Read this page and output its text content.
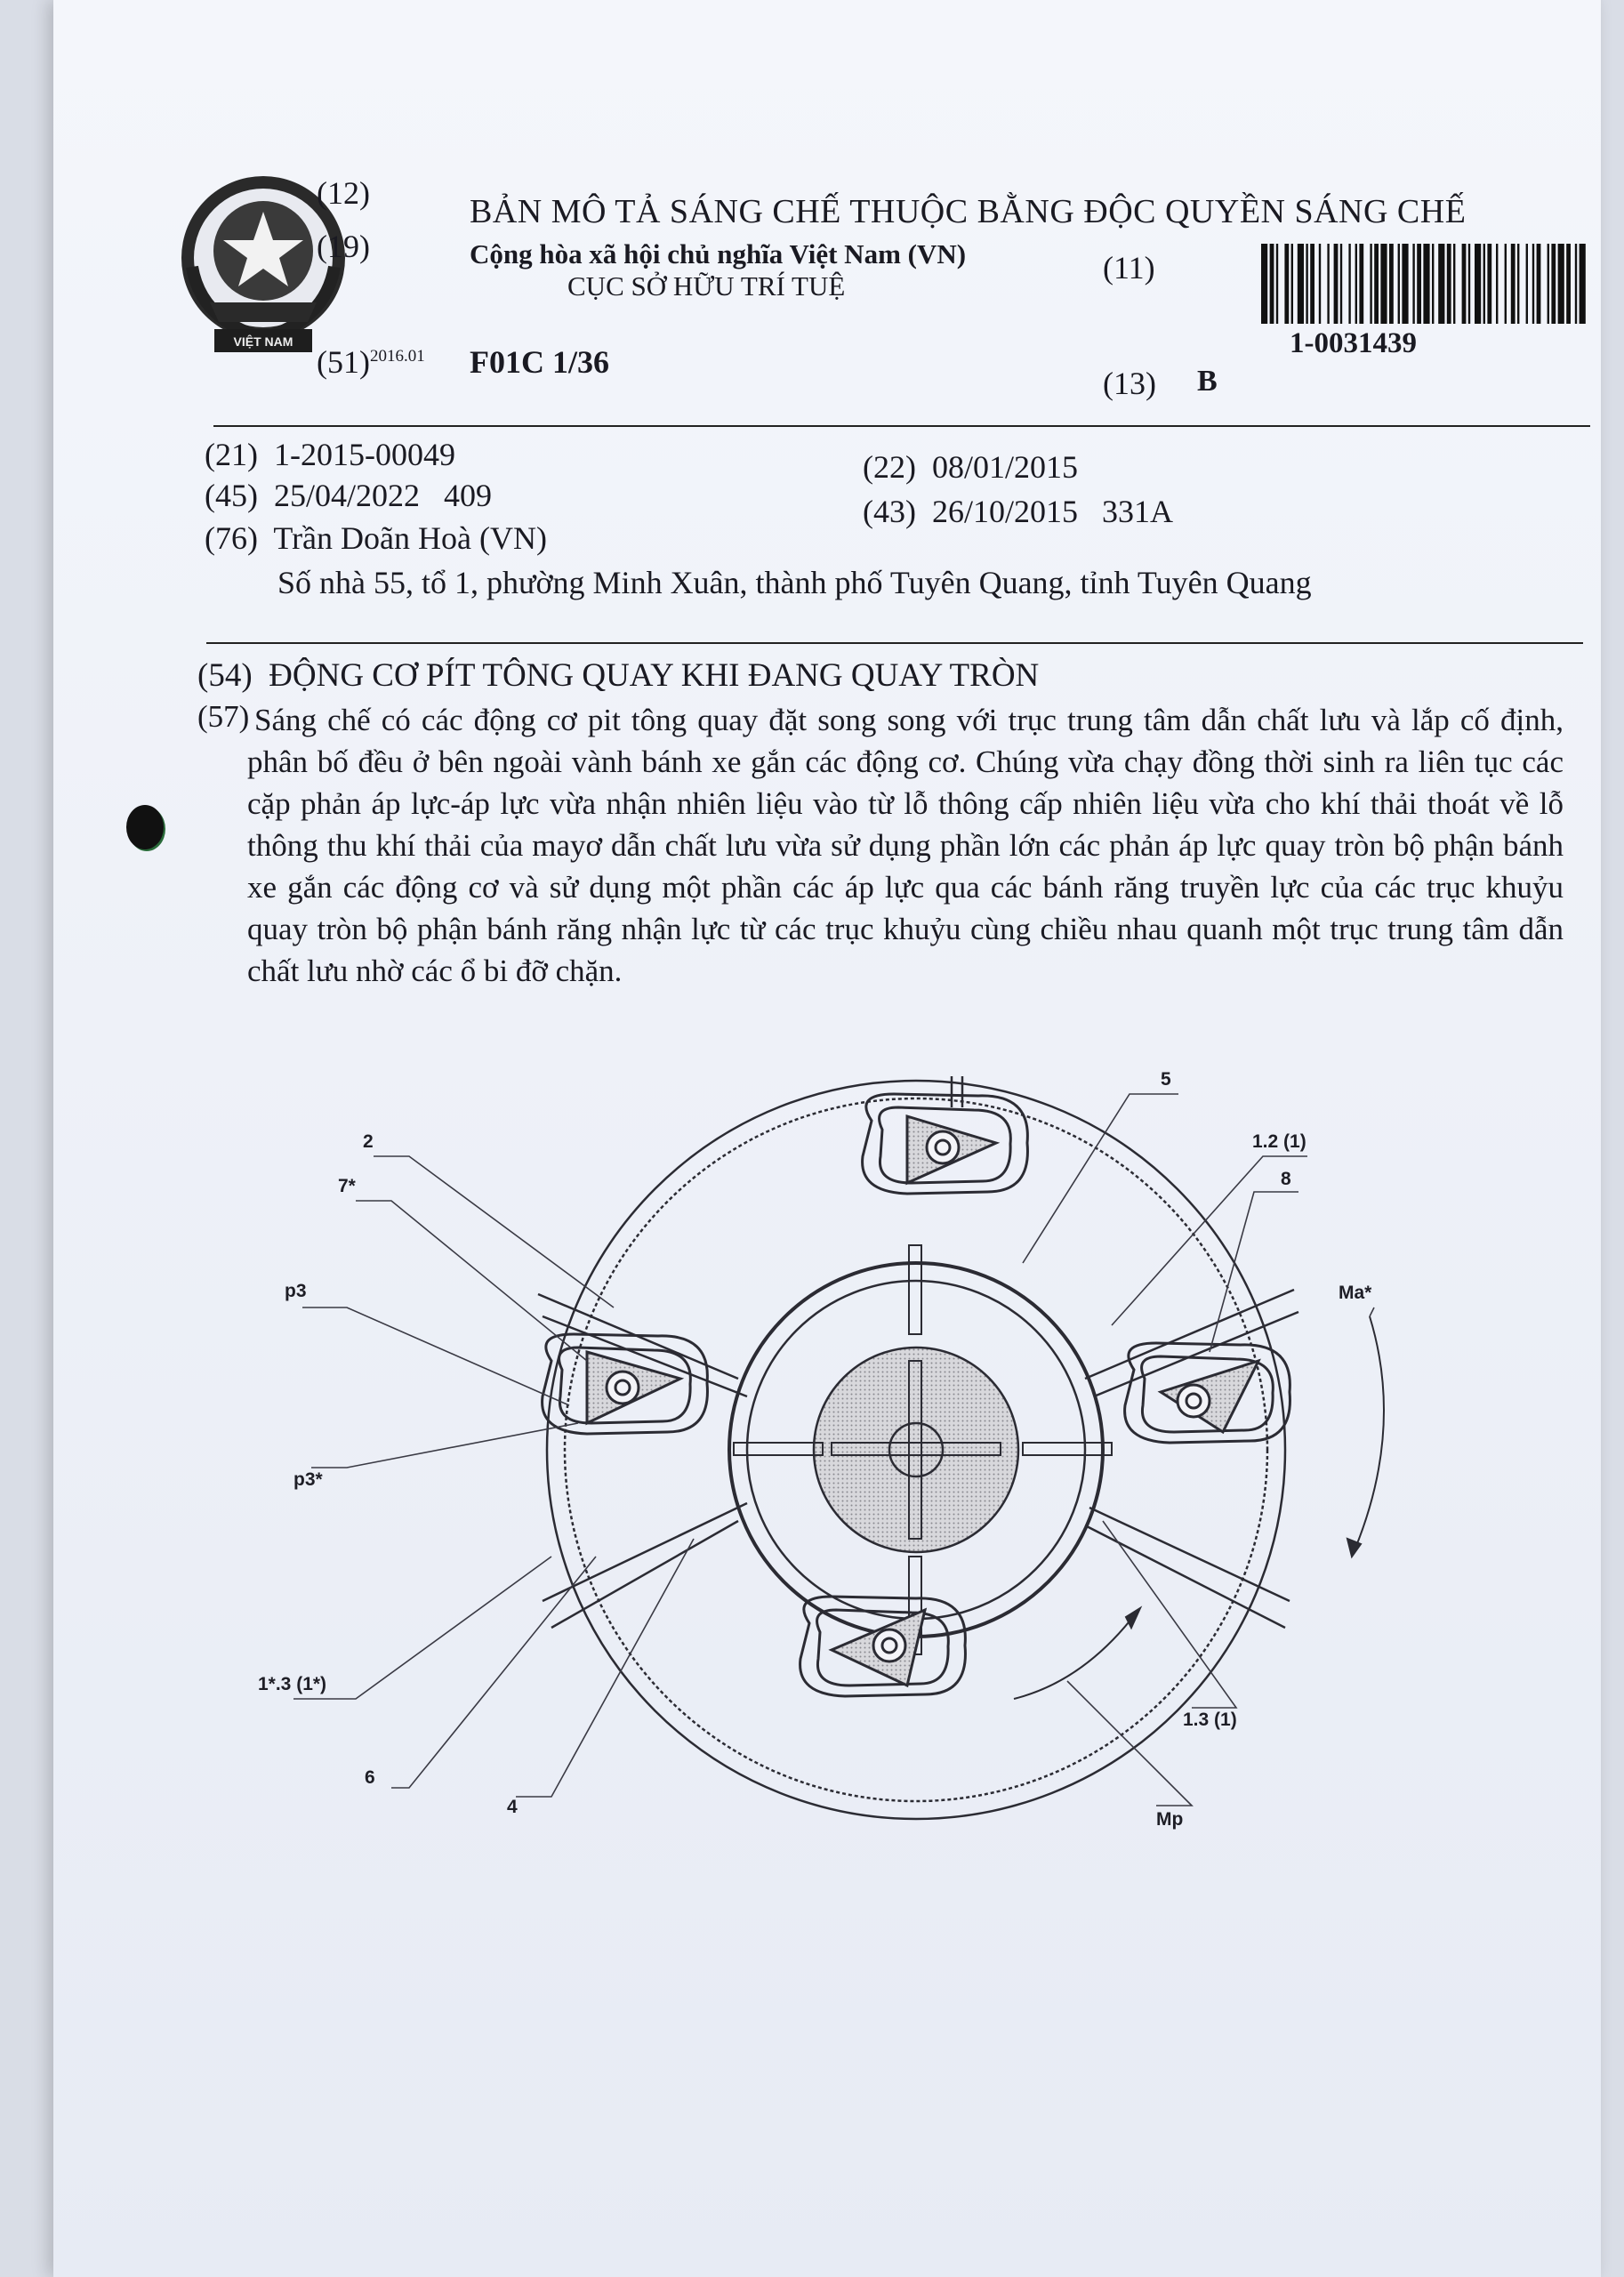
VIỆT NAM
(12)	BẢN MÔ TẢ SÁNG CHẾ THUỘC BẰNG ĐỘC QUYỀN SÁNG CHẾ
(19)	Cộng hòa xã hội chủ nghĩa Việt Nam (VN)
CỤC SỞ HỮU TRÍ TUỆ
(11)
1-0031439
$(51)^{2016.01}$ F01C 1/36
(13) B
(21) 1-2015-00049	(22) 08/01/2015
(45) 25/04/2022 409	(43) 26/10/2015 331A
(76) Trần Doãn Hoà (VN)
Số nhà 55, tổ 1, phường Minh Xuân, thành phố Tuyên Quang, tỉnh Tuyên Quang
(54) ĐỘNG CƠ PÍT TÔNG QUAY KHI ĐANG QUAY TRÒN
(57) Sáng chế có các động cơ pit tông quay đặt song song với trục trung tâm dẫn chất lưu và lắp cố định, phân bố đều ở bên ngoài vành bánh xe gắn các động cơ. Chúng vừa chạy đồng thời sinh ra liên tục các cặp phản áp lực-áp lực vừa nhận nhiên liệu vào từ lỗ thông cấp nhiên liệu vừa cho khí thải thoát về lỗ thông thu khí thải của mayơ dẫn chất lưu vừa sử dụng phần lớn các phản áp lực quay tròn bộ phận bánh xe gắn các động cơ và sử dụng một phần các áp lực qua các bánh răng truyền lực của các trục khuỷu quay tròn bộ phận bánh răng nhận lực từ các trục khuỷu cùng chiều nhau quanh một trục trung tâm dẫn chất lưu nhờ các ổ bi đỡ chặn.
5
1.2 (1)
8
Ma*
2
7*
p3
p3*
1*.3 (1*)
6
4
Mp
1.3 (1)
